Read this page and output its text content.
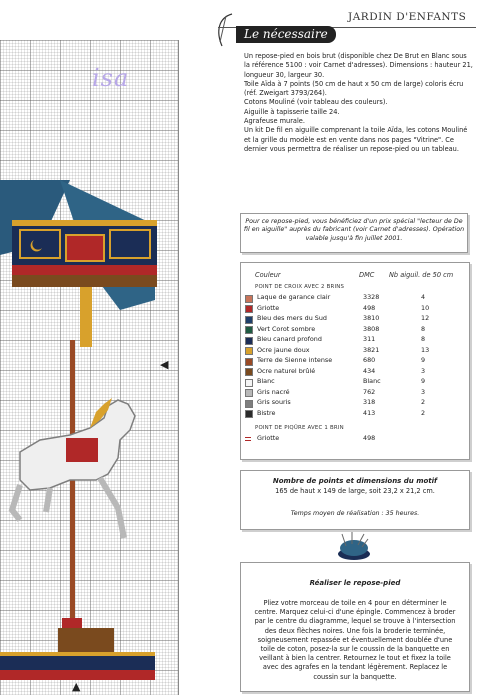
isa
◀
▲
JARDIN D'ENFANTS
Le nécessaire

Un repose-pied en bois brut (disponible chez De Brut en Blanc sous la référence 5100 : voir Carnet d'adresses). Dimensions : hauteur 21, longueur 30, largeur 30.

Toile Aïda à 7 points (50 cm de haut x 50 cm de large) coloris écru (réf. Zweigart 3793/264).

Cotons Mouliné (voir tableau des couleurs).

Aiguille à tapisserie taille 24.

Agrafeuse murale.

Un kit De fil en aiguille comprenant la toile Aïda, les cotons Mouliné et la grille du modèle est en vente dans nos pages "Vitrine". Ce dernier vous permettra de réaliser un repose-pied ou un tableau.

Pour ce repose-pied, vous bénéficiez d'un prix spécial "lecteur de De fil en aiguille" auprès du fabricant (voir Carnet d'adresses). Opération valable jusqu'à fin juillet 2001.
Couleur	DMC Nb aiguil. de 50 cm
POINT DE CROIX AVEC 2 BRINS
Laque de garance clair	3328	4
Griotte	498	10
Bleu des mers du Sud	3810	12
Vert Corot sombre	3808	8
Bleu canard profond	311	8
Ocre jaune doux	3821	13
Terre de Sienne intense	680	9
Ocre naturel brûlé	434	3
Blanc	Blanc	9
Gris nacré	762	3
Gris souris	318	2
Bistre	413	2
POINT DE PIQÛRE AVEC 1 BRIN
Griotte	498
Nombre de points et dimensions du motif
165 de haut x 149 de large, soit 23,2 x 21,2 cm.
Temps moyen de réalisation : 35 heures.
Réaliser le repose-pied
Pliez votre morceau de toile en 4 pour en déterminer le centre. Marquez celui-ci d'une épingle. Commencez à broder par le centre du diagramme, lequel se trouve à l'intersection des deux flèches noires. Une fois la broderie terminée, soigneusement repassée et éventuellement doublée d'une toile de coton, posez-la sur le coussin de la banquette en veillant à bien la centrer. Retournez le tout et fixez la toile avec des agrafes en la tendant légèrement. Replacez le coussin sur la banquette.
